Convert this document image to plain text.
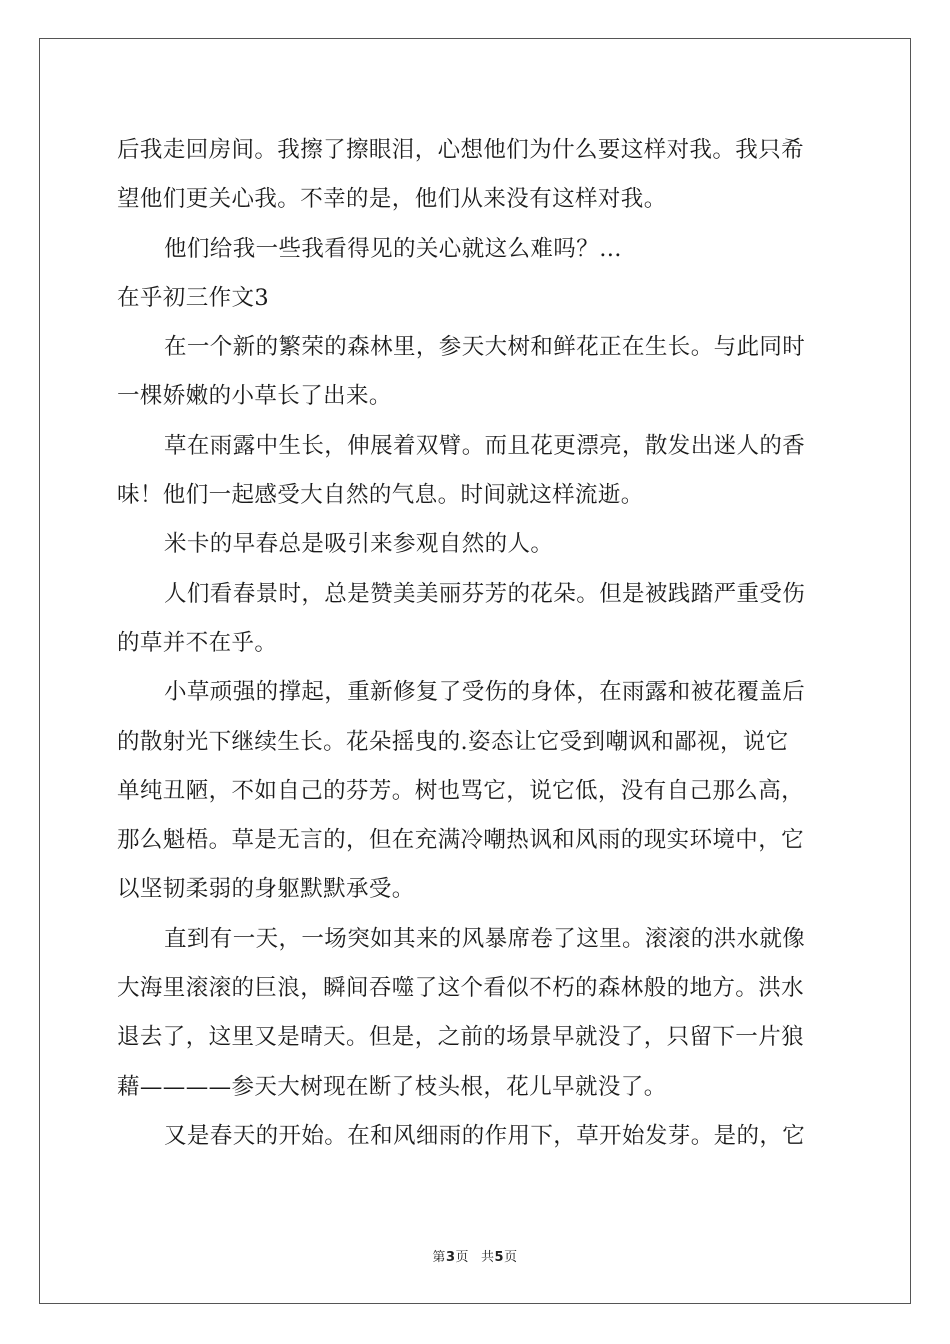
后我走回房间。我擦了擦眼泪，心想他们为什么要这样对我。我只希
望他们更关心我。不幸的是，他们从来没有这样对我。
他们给我一些我看得见的关心就这么难吗？…
在乎初三作文3
在一个新的繁荣的森林里，参天大树和鲜花正在生长。与此同时
一棵娇嫩的小草长了出来。
草在雨露中生长，伸展着双臂。而且花更漂亮，散发出迷人的香
味！他们一起感受大自然的气息。时间就这样流逝。
米卡的早春总是吸引来参观自然的人。
人们看春景时，总是赞美美丽芬芳的花朵。但是被践踏严重受伤
的草并不在乎。
小草顽强的撑起，重新修复了受伤的身体，在雨露和被花覆盖后
的散射光下继续生长。花朵摇曳的.姿态让它受到嘲讽和鄙视，说它
单纯丑陋，不如自己的芬芳。树也骂它，说它低，没有自己那么高，
那么魁梧。草是无言的，但在充满冷嘲热讽和风雨的现实环境中，它
以坚韧柔弱的身躯默默承受。
直到有一天，一场突如其来的风暴席卷了这里。滚滚的洪水就像
大海里滚滚的巨浪，瞬间吞噬了这个看似不朽的森林般的地方。洪水
退去了，这里又是晴天。但是，之前的场景早就没了，只留下一片狼
藉————参天大树现在断了枝头根，花儿早就没了。
又是春天的开始。在和风细雨的作用下，草开始发芽。是的，它
第3页 共5页
